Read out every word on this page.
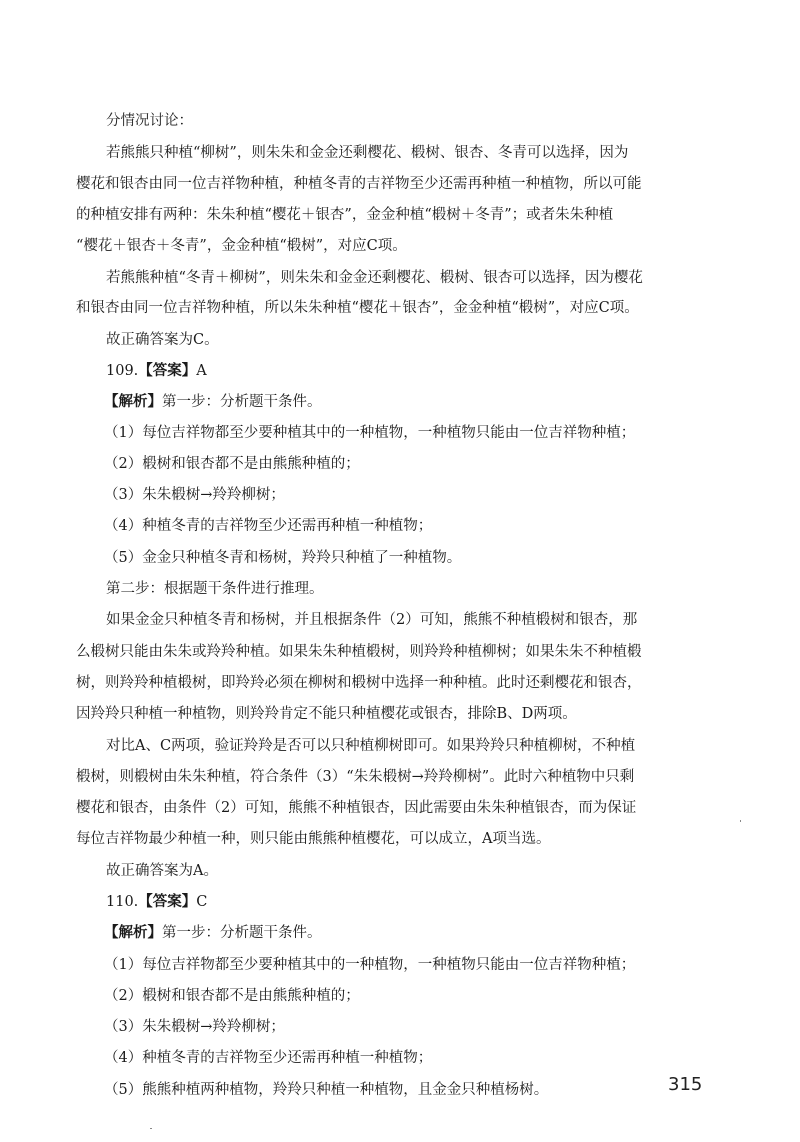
分情况讨论：
若熊熊只种植“柳树”，则朱朱和金金还剩樱花、椴树、银杏、冬青可以选择，因为
樱花和银杏由同一位吉祥物种植，种植冬青的吉祥物至少还需再种植一种植物，所以可能
的种植安排有两种：朱朱种植“樱花＋银杏”，金金种植“椴树＋冬青”；或者朱朱种植
“樱花＋银杏＋冬青”，金金种植“椴树”，对应C项。
若熊熊种植“冬青＋柳树”，则朱朱和金金还剩樱花、椴树、银杏可以选择，因为樱花
和银杏由同一位吉祥物种植，所以朱朱种植“樱花＋银杏”，金金种植“椴树”，对应C项。
故正确答案为C。
109.【答案】A
【解析】第一步：分析题干条件。
（1）每位吉祥物都至少要种植其中的一种植物，一种植物只能由一位吉祥物种植；
（2）椴树和银杏都不是由熊熊种植的；
（3）朱朱椴树→羚羚柳树；
（4）种植冬青的吉祥物至少还需再种植一种植物；
（5）金金只种植冬青和杨树，羚羚只种植了一种植物。
第二步：根据题干条件进行推理。
如果金金只种植冬青和杨树，并且根据条件（2）可知，熊熊不种植椴树和银杏，那
么椴树只能由朱朱或羚羚种植。如果朱朱种植椴树，则羚羚种植柳树；如果朱朱不种植椴
树，则羚羚种植椴树，即羚羚必须在柳树和椴树中选择一种种植。此时还剩樱花和银杏，
因羚羚只种植一种植物，则羚羚肯定不能只种植樱花或银杏，排除B、D两项。
对比A、C两项，验证羚羚是否可以只种植柳树即可。如果羚羚只种植柳树，不种植
椴树，则椴树由朱朱种植，符合条件（3）“朱朱椴树→羚羚柳树”。此时六种植物中只剩
樱花和银杏，由条件（2）可知，熊熊不种植银杏，因此需要由朱朱种植银杏，而为保证
每位吉祥物最少种植一种，则只能由熊熊种植樱花，可以成立，A项当选。
故正确答案为A。
110.【答案】C
【解析】第一步：分析题干条件。
（1）每位吉祥物都至少要种植其中的一种植物，一种植物只能由一位吉祥物种植；
（2）椴树和银杏都不是由熊熊种植的；
（3）朱朱椴树→羚羚柳树；
（4）种植冬青的吉祥物至少还需再种植一种植物；
（5）熊熊种植两种植物，羚羚只种植一种植物，且金金只种植杨树。	315
